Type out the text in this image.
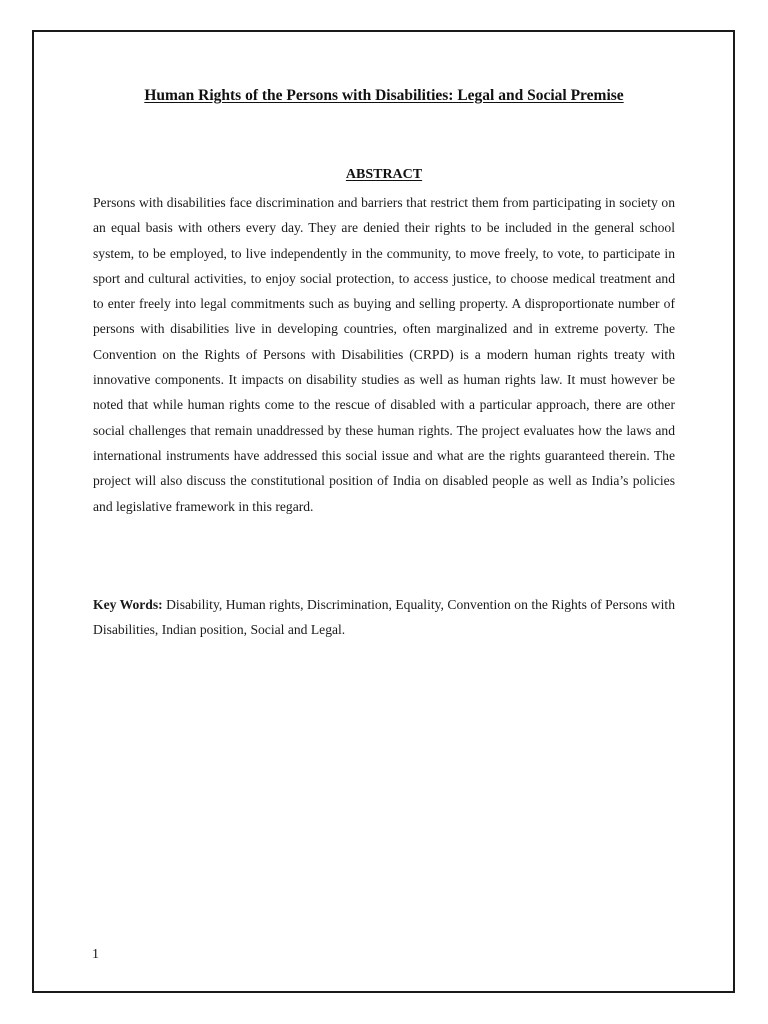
Human Rights of the Persons with Disabilities: Legal and Social Premise
ABSTRACT

Persons with disabilities face discrimination and barriers that restrict them from participating in society on an equal basis with others every day. They are denied their rights to be included in the general school system, to be employed, to live independently in the community, to move freely, to vote, to participate in sport and cultural activities, to enjoy social protection, to access justice, to choose medical treatment and to enter freely into legal commitments such as buying and selling property. A disproportionate number of persons with disabilities live in developing countries, often marginalized and in extreme poverty. The Convention on the Rights of Persons with Disabilities (CRPD) is a modern human rights treaty with innovative components. It impacts on disability studies as well as human rights law. It must however be noted that while human rights come to the rescue of disabled with a particular approach, there are other social challenges that remain unaddressed by these human rights. The project evaluates how the laws and international instruments have addressed this social issue and what are the rights guaranteed therein. The project will also discuss the constitutional position of India on disabled people as well as India’s policies and legislative framework in this regard.

Key Words: Disability, Human rights, Discrimination, Equality, Convention on the Rights of Persons with Disabilities, Indian position, Social and Legal.

1
